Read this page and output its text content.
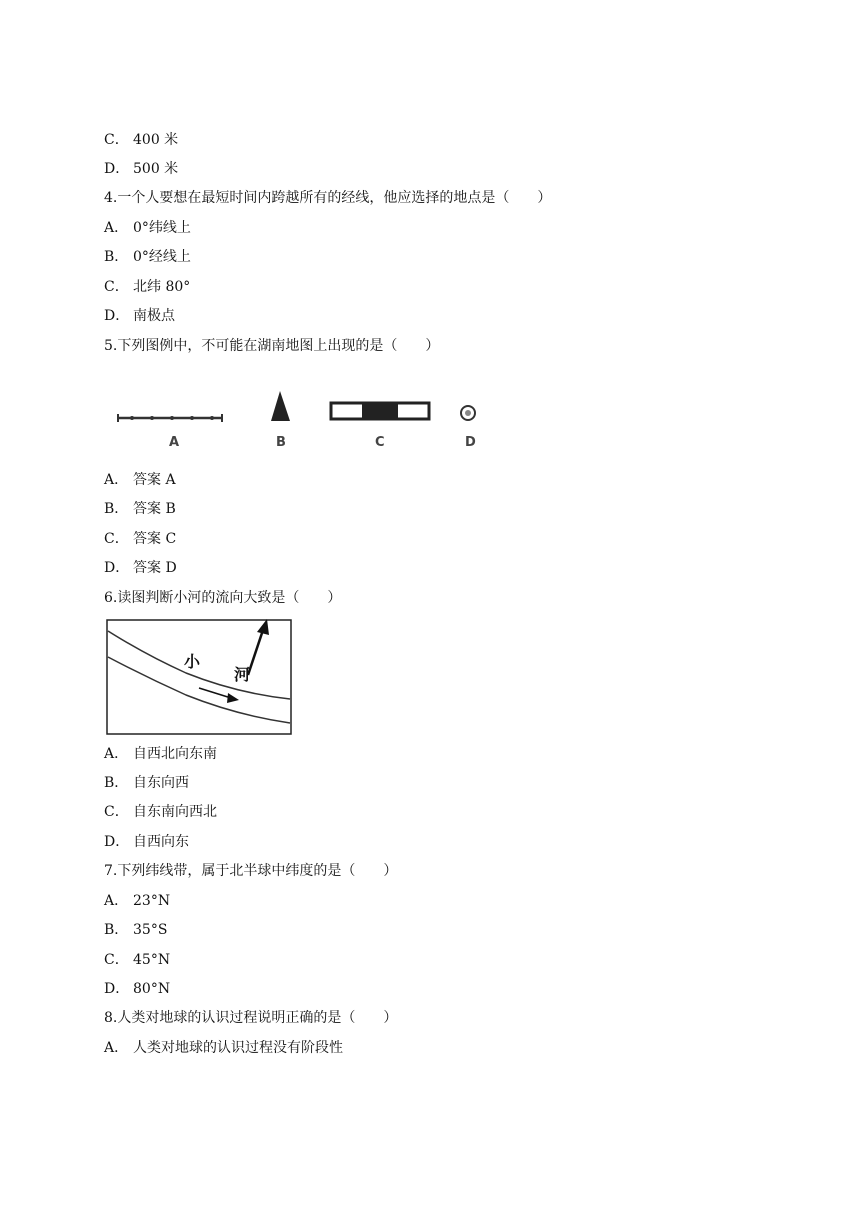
C． 400 米
D． 500 米
4.一个人要想在最短时间内跨越所有的经线，他应选择的地点是（　　）
A． 0°纬线上
B． 0°经线上
C． 北纬 80°
D． 南极点
5.下列图例中，不可能在湖南地图上出现的是（　　）
A	B	C	D
A． 答案 A
B． 答案 B
C． 答案 C
D． 答案 D
6.读图判断小河的流向大致是（　　）
小
河
A． 自西北向东南
B． 自东向西
C． 自东南向西北
D． 自西向东
7.下列纬线带，属于北半球中纬度的是（　　）
A． 23°N
B． 35°S
C． 45°N
D． 80°N
8.人类对地球的认识过程说明正确的是（　　）
A． 人类对地球的认识过程没有阶段性
